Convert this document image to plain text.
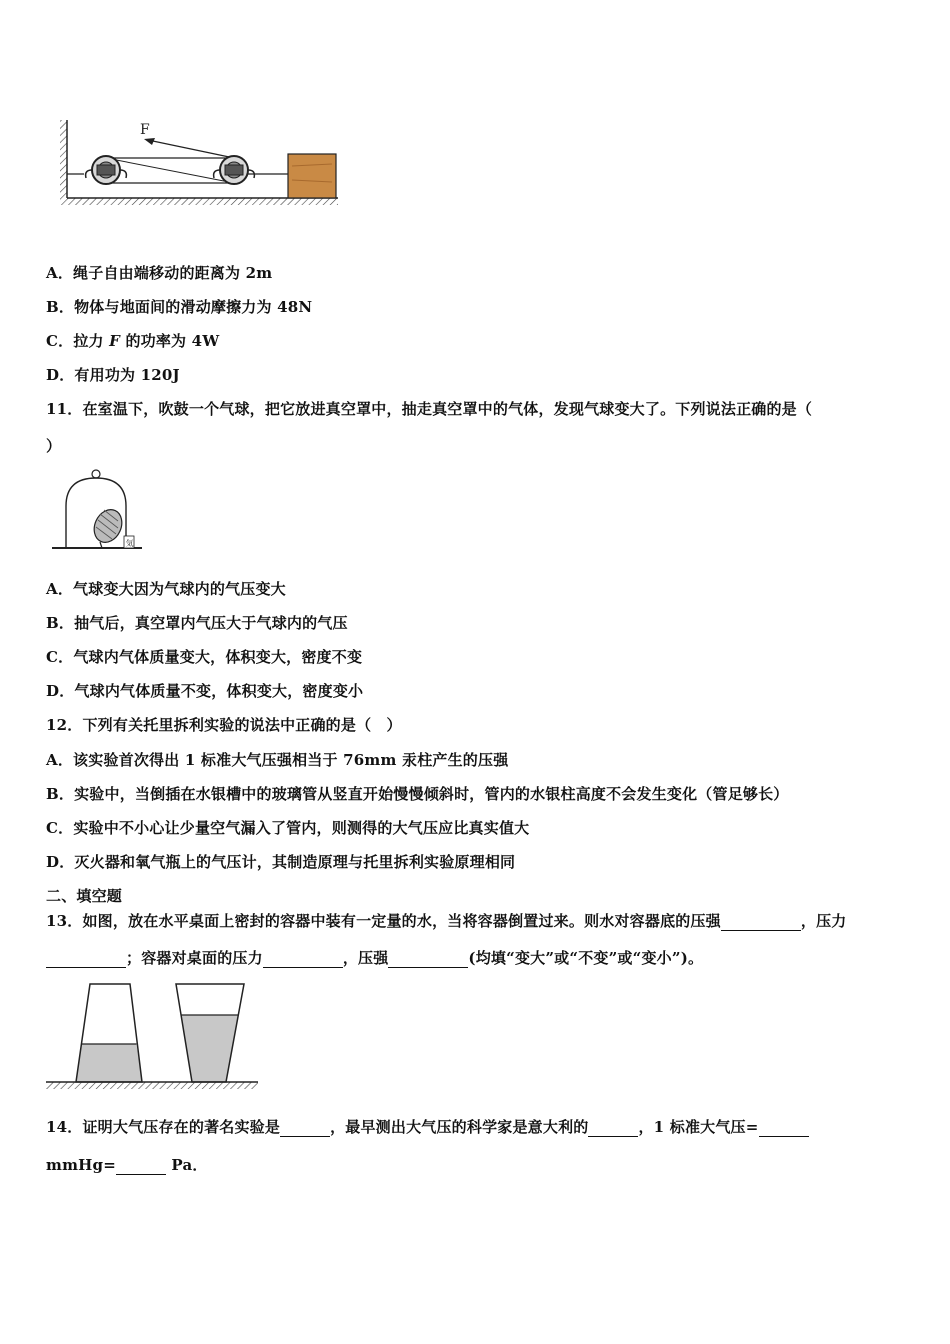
F
A．绳子自由端移动的距离为 2m
B．物体与地面间的滑动摩擦力为 48N
C．拉力 F 的功率为 4W
D．有用功为 120J
11．在室温下，吹鼓一个气球，把它放进真空罩中，抽走真空罩中的气体，发现气球变大了。下列说法正确的是（
）
気
A．气球变大因为气球内的气压变大
B．抽气后，真空罩内气压大于气球内的气压
C．气球内气体质量变大，体积变大，密度不变
D．气球内气体质量不变，体积变大，密度变小
12．下列有关托里拆利实验的说法中正确的是（　）
A．该实验首次得出 1 标准大气压强相当于 76mm 汞柱产生的压强
B．实验中，当倒插在水银槽中的玻璃管从竖直开始慢慢倾斜时，管内的水银柱高度不会发生变化（管足够长）
C．实验中不小心让少量空气漏入了管内，则测得的大气压应比真实值大
D．灭火器和氧气瓶上的气压计，其制造原理与托里拆利实验原理相同
二、填空题
13．如图，放在水平桌面上密封的容器中装有一定量的水，当将容器倒置过来。则水对容器底的压强	，压力
；容器对桌面的压力	，压强	(均填“变大”或“不变”或“变小”)。
14．证明大气压存在的著名实验是	，最早测出大气压的科学家是意大利的	，1 标准大气压=
mmHg=	Pa．
